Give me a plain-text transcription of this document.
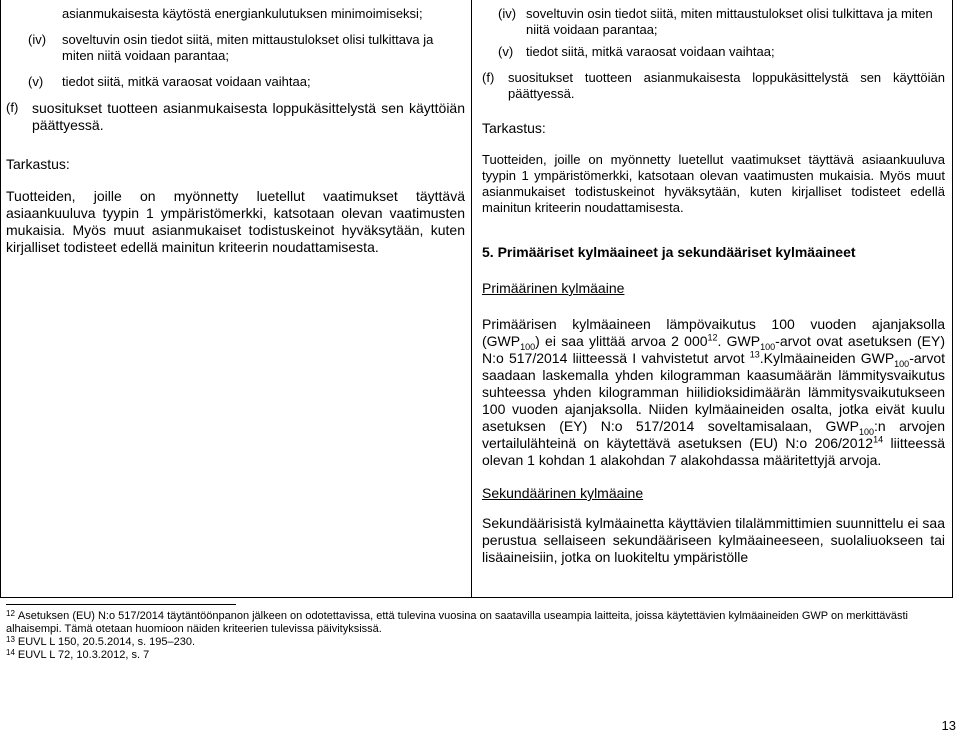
asianmukaisesta käytöstä energiankulutuksen minimoimiseksi;
(iv)	soveltuvin osin tiedot siitä, miten mittaustulokset olisi tulkittava ja miten niitä voidaan parantaa;
(v)	tiedot siitä, mitkä varaosat voidaan vaihtaa;
(f) suositukset tuotteen asianmukaisesta loppukäsittelystä sen käyttöiän päättyessä.
Tarkastus:
Tuotteiden, joille on myönnetty luetellut vaatimukset täyttävä asiaankuuluva tyypin 1 ympäristömerkki, katsotaan olevan vaatimusten mukaisia. Myös muut asianmukaiset todistuskeinot hyväksytään, kuten kirjalliset todisteet edellä mainitun kriteerin noudattamisesta.
(iv) soveltuvin osin tiedot siitä, miten mittaustulokset olisi tulkittava ja miten niitä voidaan parantaa;
(v) tiedot siitä, mitkä varaosat voidaan vaihtaa;
(f)	suositukset tuotteen asianmukaisesta loppukäsittelystä sen käyttöiän päättyessä.
Tarkastus:
Tuotteiden, joille on myönnetty luetellut vaatimukset täyttävä asiaankuuluva tyypin 1 ympäristömerkki, katsotaan olevan vaatimusten mukaisia. Myös muut asianmukaiset todistuskeinot hyväksytään, kuten kirjalliset todisteet edellä mainitun kriteerin noudattamisesta.
5. Primääriset kylmäaineet ja sekundääriset kylmäaineet
Primäärinen kylmäaine
Primäärisen kylmäaineen lämpövaikutus 100 vuoden ajanjaksolla $(GWP_{100})$ ei saa ylittää arvoa 2 $000^{12}$. $GWP_{100}$-arvot ovat asetuksen (EY) N:o 517/2014 liitteessä I vahvistetut arvot $^{13}$.Kylmäaineiden $GWP_{100}$-arvot saadaan laskemalla yhden kilogramman kaasumäärän lämmitysvaikutus suhteessa yhden kilogramman hiilidioksidimäärän lämmitysvaikutukseen 100 vuoden ajanjaksolla. Niiden kylmäaineiden osalta, jotka eivät kuulu asetuksen (EY) N:o 517/2014 soveltamisalaan, $GWP_{100}:n$ arvojen vertailulähteinä on käytettävä asetuksen (EU) N:o 206/2012$^{14}$ liitteessä olevan 1 kohdan 1 alakohdan 7 alakohdassa määritettyjä arvoja.
Sekundäärinen kylmäaine
Sekundäärisistä kylmäainetta käyttävien tilalämmittimien suunnittelu ei saa perustua sellaiseen sekundääriseen kylmäaineeseen, suolaliuokseen tai lisäaineisiin, jotka on luokiteltu ympäristölle

$^{12}$ Asetuksen (EU) N:o 517/2014 täytäntöönpanon jälkeen on odotettavissa, että tulevina vuosina on saatavilla useampia laitteita, joissa käytettävien kylmäaineiden GWP on merkittävästi alhaisempi. Tämä otetaan huomioon näiden kriteerien tulevissa päivityksissä.

$^{13}$ EUVL L 150, 20.5.2014, s. 195–230.

$^{14}$ EUVL L 72, 10.3.2012, s. 7

13
